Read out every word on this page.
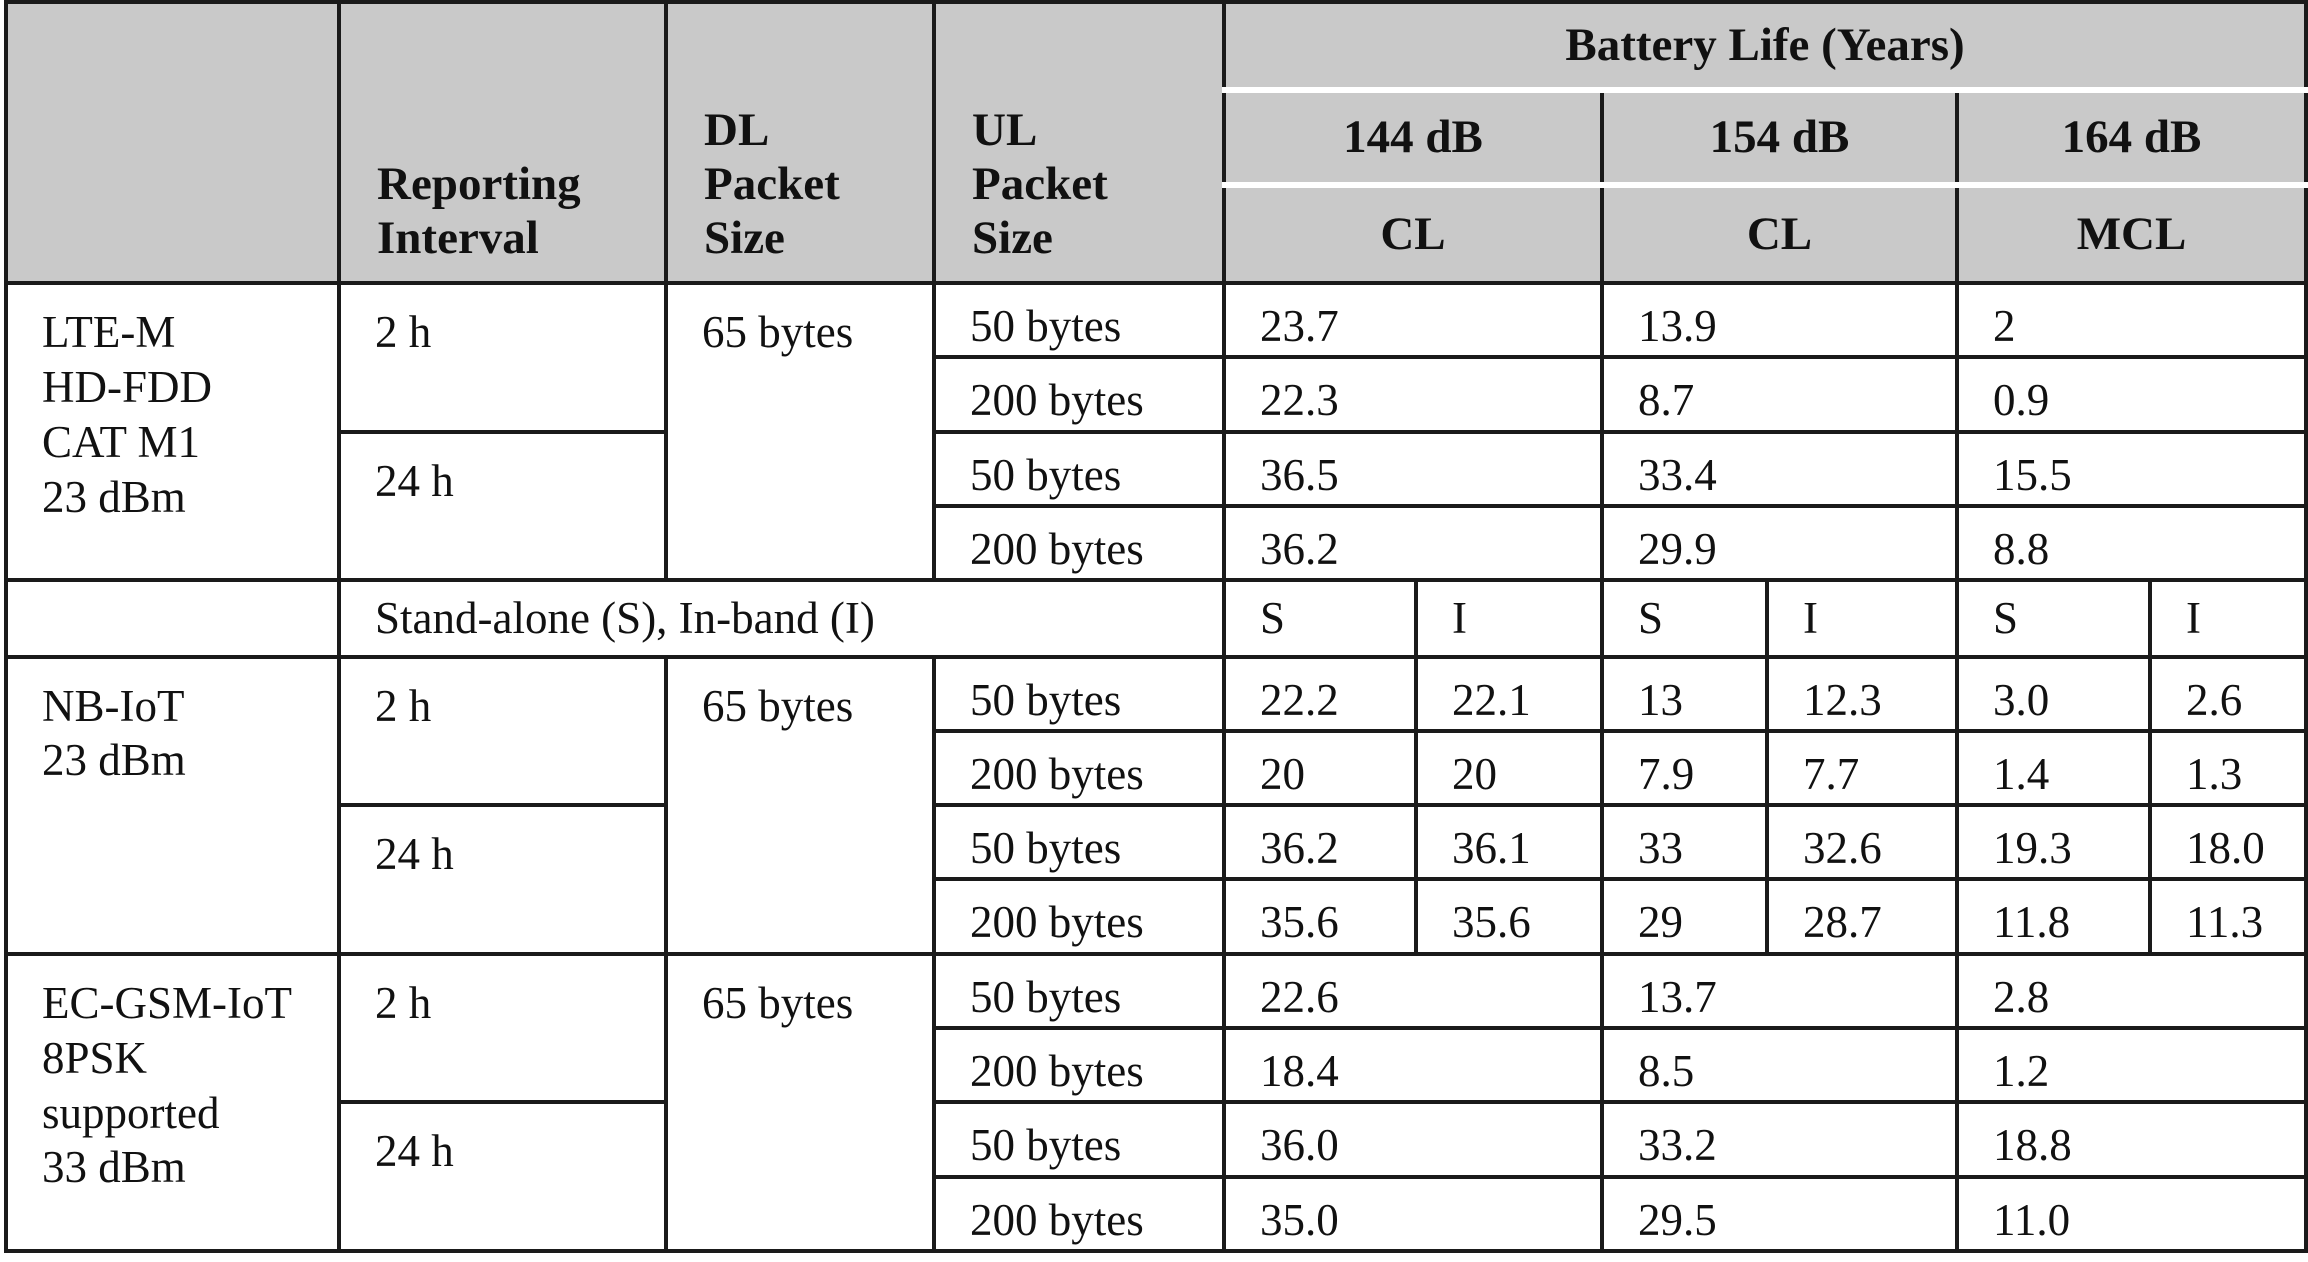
	Reporting Interval	DL Packet Size	UL Packet Size	Battery Life (Years)					
				144 dB		154 dB		164 dB	
				CL		CL		MCL	

LTE-M
HD-FDD
CAT M1
23 dBm	2 h	65 bytes	50 bytes	23.7		13.9		2	
			200 bytes	22.3		8.7		0.9	
	24 h		50 bytes	36.5		33.4		15.5	
			200 bytes	36.2		29.9		8.8	
	Stand-alone (S), In-band (I)			S	I	S	I	S	I

NB-IoT
23 dBm	2 h	65 bytes	50 bytes	22.2	22.1	13	12.3	3.0	2.6
			200 bytes	20	20	7.9	7.7	1.4	1.3
	24 h		50 bytes	36.2	36.1	33	32.6	19.3	18.0
			200 bytes	35.6	35.6	29	28.7	11.8	11.3

EC-GSM-IoT
8PSK
supported
33 dBm	2 h	65 bytes	50 bytes	22.6		13.7		2.8	
			200 bytes	18.4		8.5		1.2	
	24 h		50 bytes	36.0		33.2		18.8	
			200 bytes	35.0		29.5		11.0	
